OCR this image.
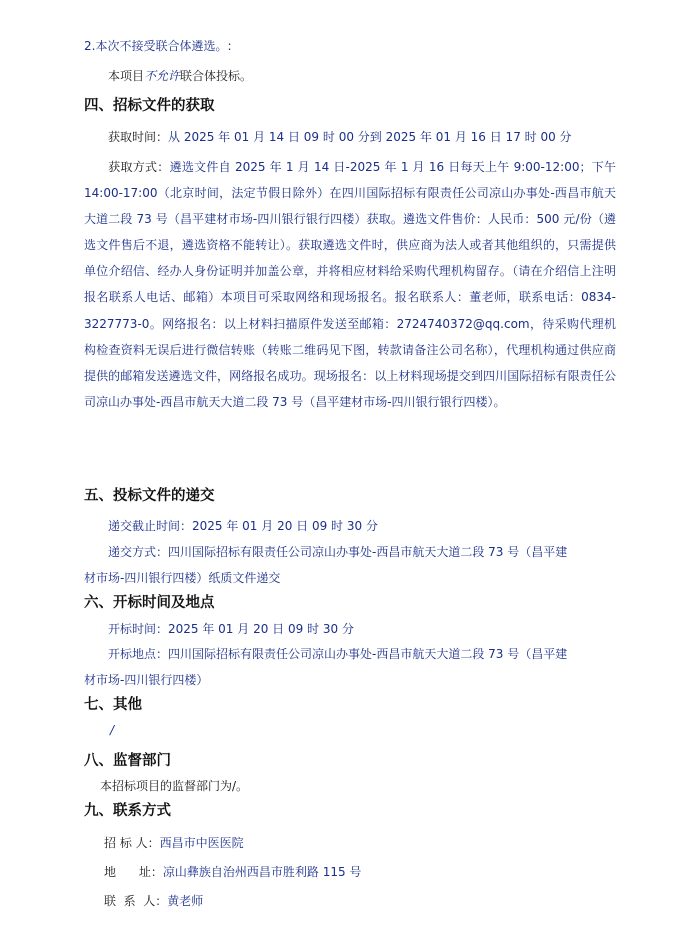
2.本次不接受联合体遴选。:
本项目不允许联合体投标。
四、招标文件的获取
获取时间：从 2025 年 01 月 14 日 09 时 00 分到 2025 年 01 月 16 日 17 时 00 分
获取方式：遴选文件自 2025 年 1 月 14 日-2025 年 1 月 16 日每天上午 9:00-12:00；下午 14:00-17:00（北京时间，法定节假日除外）在四川国际招标有限责任公司凉山办事处-西昌市航天大道二段 73 号（昌平建材市场-四川银行银行四楼）获取。遴选文件售价：人民币：500 元/份（遴选文件售后不退，遴选资格不能转让）。获取遴选文件时，供应商为法人或者其他组织的，只需提供单位介绍信、经办人身份证明并加盖公章，并将相应材料给采购代理机构留存。（请在介绍信上注明报名联系人电话、邮箱）本项目可采取网络和现场报名。报名联系人：董老师，联系电话：0834-3227773-0。网络报名：以上材料扫描原件发送至邮箱：2724740372@qq.com，待采购代理机构检查资料无误后进行微信转账（转账二维码见下图，转款请备注公司名称），代理机构通过供应商提供的邮箱发送遴选文件，网络报名成功。现场报名：以上材料现场提交到四川国际招标有限责任公司凉山办事处-西昌市航天大道二段 73 号（昌平建材市场-四川银行银行四楼）。
五、投标文件的递交
递交截止时间：2025 年 01 月 20 日 09 时 30 分
递交方式：四川国际招标有限责任公司凉山办事处-西昌市航天大道二段 73 号（昌平建
材市场-四川银行四楼）纸质文件递交
六、开标时间及地点
开标时间：2025 年 01 月 20 日 09 时 30 分
开标地点：四川国际招标有限责任公司凉山办事处-西昌市航天大道二段 73 号（昌平建
材市场-四川银行四楼）
七、其他
/
八、监督部门
本招标项目的监督部门为/。
九、联系方式
招 标 人：西昌市中医医院
地      址：凉山彝族自治州西昌市胜利路 115 号
联  系  人：黄老师
